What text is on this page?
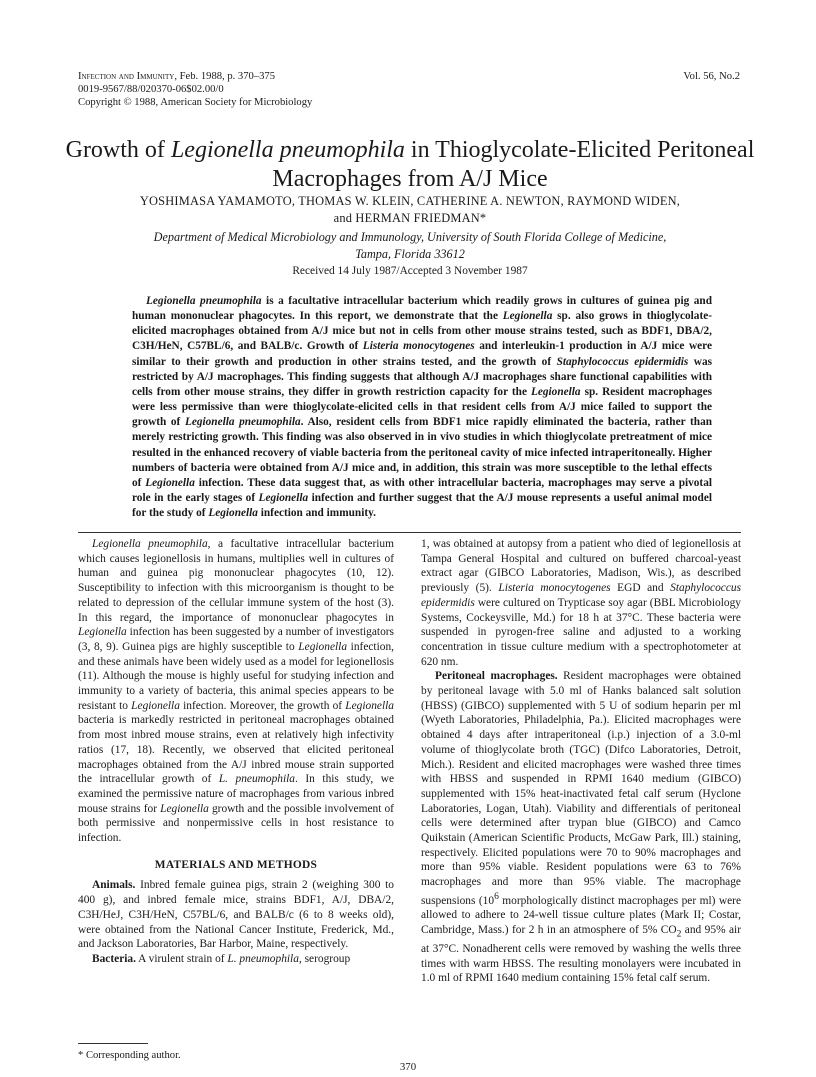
Infection and Immunity, Feb. 1988, p. 370–375
0019-9567/88/020370-06$02.00/0
Copyright © 1988, American Society for Microbiology
Vol. 56, No.2
Growth of Legionella pneumophila in Thioglycolate-Elicited Peritoneal Macrophages from A/J Mice
YOSHIMASA YAMAMOTO, THOMAS W. KLEIN, CATHERINE A. NEWTON, RAYMOND WIDEN,
and HERMAN FRIEDMAN*
Department of Medical Microbiology and Immunology, University of South Florida College of Medicine,
Tampa, Florida 33612
Received 14 July 1987/Accepted 3 November 1987
Legionella pneumophila is a facultative intracellular bacterium which readily grows in cultures of guinea pig and human mononuclear phagocytes. In this report, we demonstrate that the Legionella sp. also grows in thioglycolate-elicited macrophages obtained from A/J mice but not in cells from other mouse strains tested, such as BDF1, DBA/2, C3H/HeN, C57BL/6, and BALB/c. Growth of Listeria monocytogenes and interleukin-1 production in A/J mice were similar to their growth and production in other strains tested, and the growth of Staphylococcus epidermidis was restricted by A/J macrophages. This finding suggests that although A/J macrophages share functional capabilities with cells from other mouse strains, they differ in growth restriction capacity for the Legionella sp. Resident macrophages were less permissive than were thioglycolate-elicited cells in that resident cells from A/J mice failed to support the growth of Legionella pneumophila. Also, resident cells from BDF1 mice rapidly eliminated the bacteria, rather than merely restricting growth. This finding was also observed in in vivo studies in which thioglycolate pretreatment of mice resulted in the enhanced recovery of viable bacteria from the peritoneal cavity of mice infected intraperitoneally. Higher numbers of bacteria were obtained from A/J mice and, in addition, this strain was more susceptible to the lethal effects of Legionella infection. These data suggest that, as with other intracellular bacteria, macrophages may serve a pivotal role in the early stages of Legionella infection and further suggest that the A/J mouse represents a useful animal model for the study of Legionella infection and immunity.

Legionella pneumophila, a facultative intracellular bacterium which causes legionellosis in humans, multiplies well in cultures of human and guinea pig mononuclear phagocytes (10, 12). Susceptibility to infection with this microorganism is thought to be related to depression of the cellular immune system of the host (3). In this regard, the importance of mononuclear phagocytes in Legionella infection has been suggested by a number of investigators (3, 8, 9). Guinea pigs are highly susceptible to Legionella infection, and these animals have been widely used as a model for legionellosis (11). Although the mouse is highly useful for studying infection and immunity to a variety of bacteria, this animal species appears to be resistant to Legionella infection. Moreover, the growth of Legionella bacteria is markedly restricted in peritoneal macrophages obtained from most inbred mouse strains, even at relatively high infectivity ratios (17, 18). Recently, we observed that elicited peritoneal macrophages obtained from the A/J inbred mouse strain supported the intracellular growth of L. pneumophila. In this study, we examined the permissive nature of macrophages from various inbred mouse strains for Legionella growth and the possible involvement of both permissive and nonpermissive cells in host resistance to infection.

MATERIALS AND METHODS

Animals. Inbred female guinea pigs, strain 2 (weighing 300 to 400 g), and inbred female mice, strains BDF1, A/J, DBA/2, C3H/HeJ, C3H/HeN, C57BL/6, and BALB/c (6 to 8 weeks old), were obtained from the National Cancer Institute, Frederick, Md., and Jackson Laboratories, Bar Harbor, Maine, respectively.

Bacteria. A virulent strain of L. pneumophila, serogroup

1, was obtained at autopsy from a patient who died of legionellosis at Tampa General Hospital and cultured on buffered charcoal-yeast extract agar (GIBCO Laboratories, Madison, Wis.), as described previously (5). Listeria monocytogenes EGD and Staphylococcus epidermidis were cultured on Trypticase soy agar (BBL Microbiology Systems, Cockeysville, Md.) for 18 h at 37°C. These bacteria were suspended in pyrogen-free saline and adjusted to a working concentration in tissue culture medium with a spectrophotometer at 620 nm.

Peritoneal macrophages. Resident macrophages were obtained by peritoneal lavage with 5.0 ml of Hanks balanced salt solution (HBSS) (GIBCO) supplemented with 5 U of sodium heparin per ml (Wyeth Laboratories, Philadelphia, Pa.). Elicited macrophages were obtained 4 days after intraperitoneal (i.p.) injection of a 3.0-ml volume of thioglycolate broth (TGC) (Difco Laboratories, Detroit, Mich.). Resident and elicited macrophages were washed three times with HBSS and suspended in RPMI 1640 medium (GIBCO) supplemented with 15% heat-inactivated fetal calf serum (Hyclone Laboratories, Logan, Utah). Viability and differentials of peritoneal cells were determined after trypan blue (GIBCO) and Camco Quikstain (American Scientific Products, McGaw Park, Ill.) staining, respectively. Elicited populations were 70 to 90% macrophages and more than 95% viable. Resident populations were 63 to 76% macrophages and more than 95% viable. The macrophage suspensions ($10^6$ morphologically distinct macrophages per ml) were allowed to adhere to 24-well tissue culture plates (Mark II; Costar, Cambridge, Mass.) for 2 h in an atmosphere of 5% $CO_2$ and 95% air at 37°C. Nonadherent cells were removed by washing the wells three times with warm HBSS. The resulting monolayers were incubated in 1.0 ml of RPMI 1640 medium containing 15% fetal calf serum.

* Corresponding author.
370
